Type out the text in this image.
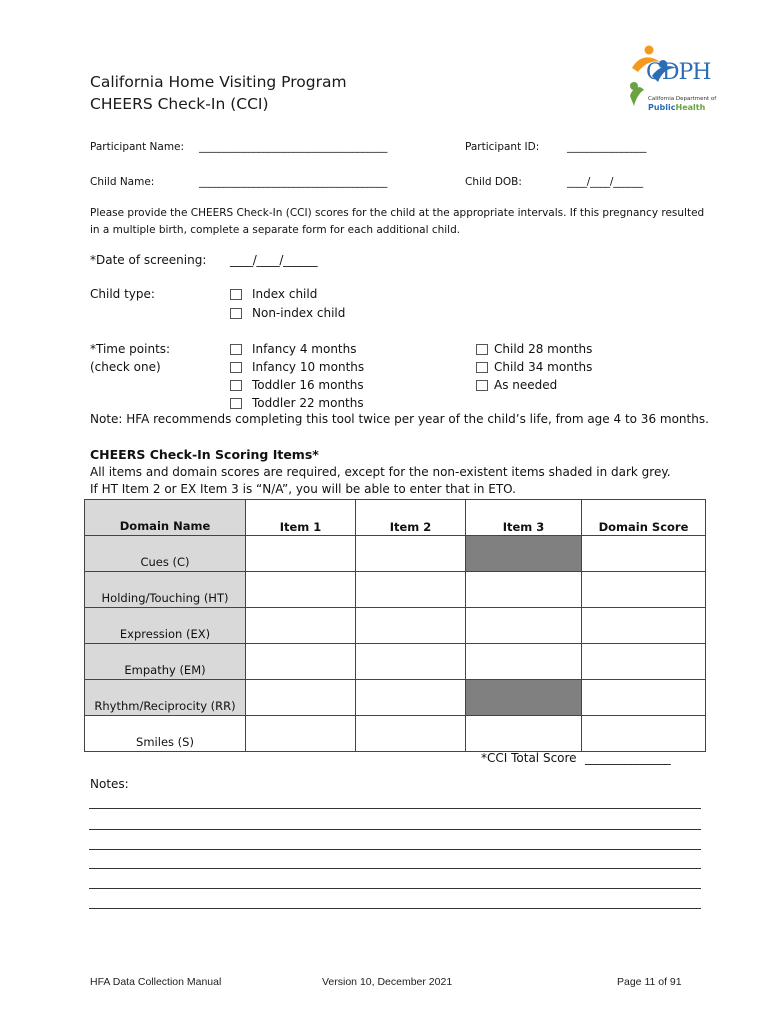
California Home Visiting Program
CHEERS Check-In (CCI)
CDPH
California Department of
PublicHealth
Participant Name: ______________________________________	Participant ID:	________________
Child Name:	______________________________________	Child DOB:	____/____/______
Please provide the CHEERS Check-In (CCI) scores for the child at the appropriate intervals. If this pregnancy resulted in a multiple birth, complete a separate form for each additional child.
*Date of screening: ____/____/______
Child type:	Index child
Non-index child
*Time points:
(check one)
Infancy 4 months
Infancy 10 months
Toddler 16 months
Toddler 22 months
Child 28 months
Child 34 months
As needed
Note: HFA recommends completing this tool twice per year of the child’s life, from age 4 to 36 months.
CHEERS Check-In Scoring Items*
All items and domain scores are required, except for the non-existent items shaded in dark grey.
If HT Item 2 or EX Item 3 is “N/A”, you will be able to enter that in ETO.
Domain Name	Item 1	Item 2	Item 3	Domain Score
Cues (C)				
Holding/Touching (HT)				
Expression (EX)				
Empathy (EM)				
Rhythm/Reciprocity (RR)				
Smiles (S)				
*CCI Total Score _______________
Notes:
HFA Data Collection Manual	Version 10, December 2021	Page 11 of 91
